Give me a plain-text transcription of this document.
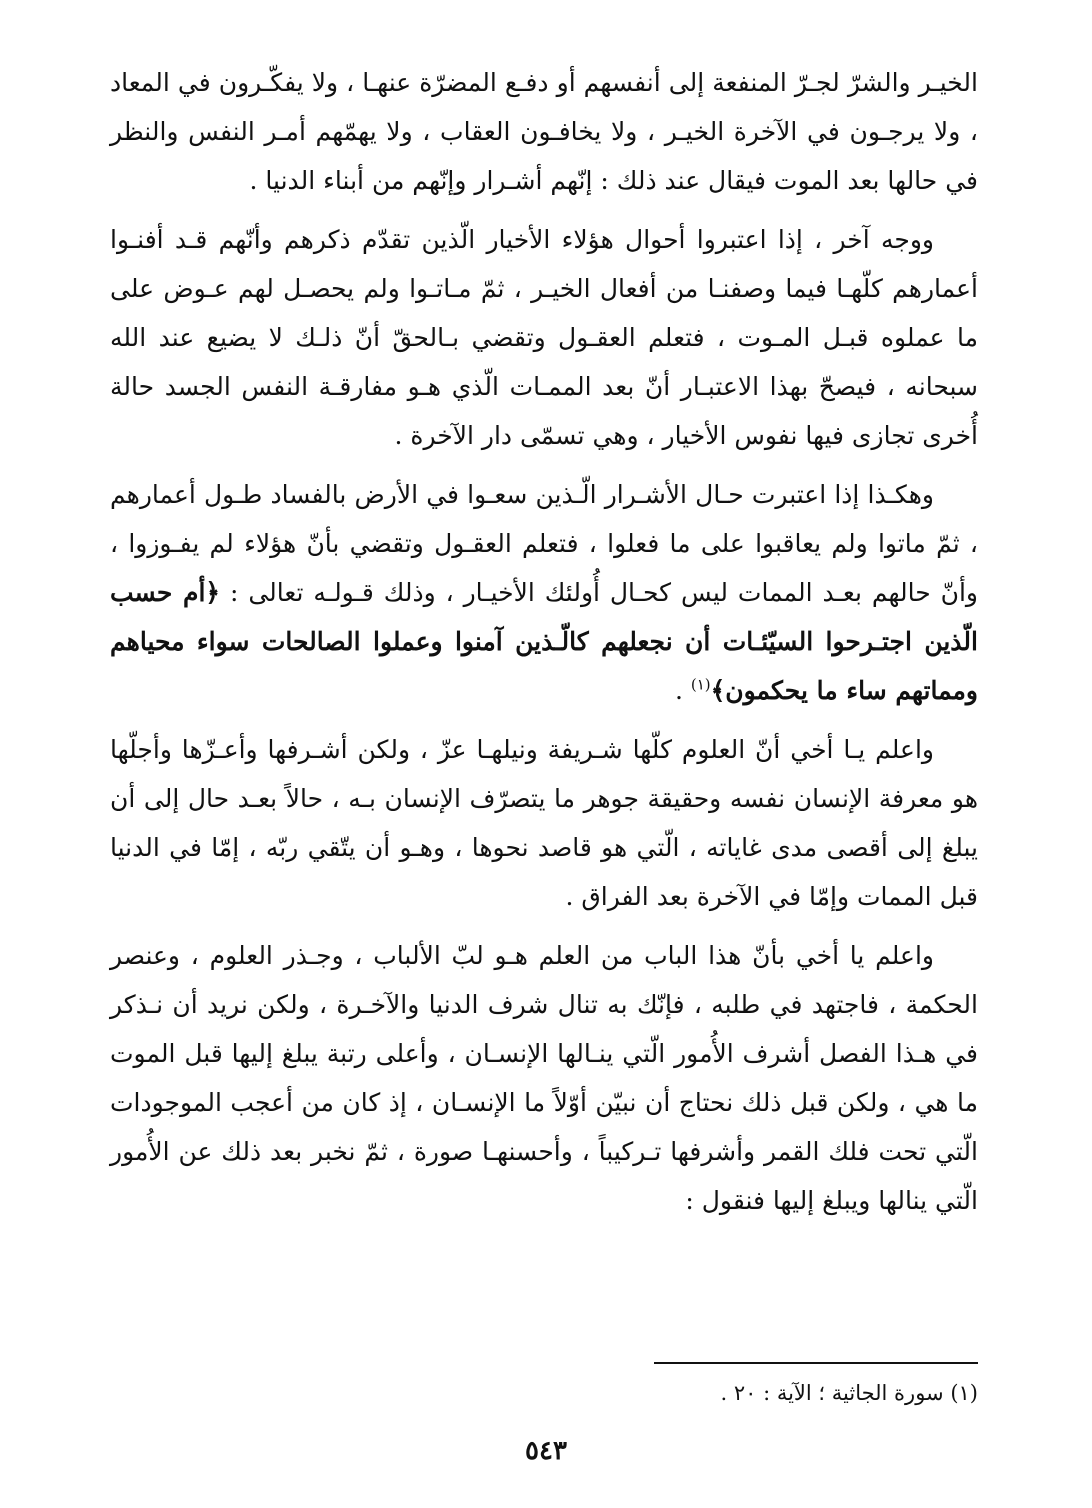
الخيـر والشرّ لجـرّ المنفعة إلى أنفسهم أو دفـع المضرّة عنهـا ، ولا يفكّـرون في المعاد ، ولا يرجـون في الآخرة الخيـر ، ولا يخافـون العقاب ، ولا يهمّهم أمـر النفس والنظر في حالها بعد الموت فيقال عند ذلك : إنّهم أشـرار وإنّهم من أبناء الدنيا .

ووجه آخر ، إذا اعتبروا أحوال هؤلاء الأخيار الّذين تقدّم ذكرهم وأنّهم قـد أفنـوا أعمارهم كلّهـا فيما وصفنـا من أفعال الخيـر ، ثمّ مـاتـوا ولم يحصـل لهم عـوض على ما عملوه قبـل المـوت ، فتعلم العقـول وتقضي بـالحقّ أنّ ذلـك لا يضيع عند الله سبحانه ، فيصحّ بهذا الاعتبـار أنّ بعد الممـات الّذي هـو مفارقـة النفس الجسد حالة أُخرى تجازى فيها نفوس الأخيار ، وهي تسمّى دار الآخرة .

وهكـذا إذا اعتبرت حـال الأشـرار الّـذين سعـوا في الأرض بالفساد طـول أعمارهم ، ثمّ ماتوا ولم يعاقبوا على ما فعلوا ، فتعلم العقـول وتقضي بأنّ هؤلاء لم يفـوزوا ، وأنّ حالهم بعـد الممات ليس كحـال أُولئك الأخيـار ، وذلك قـولـه تعالى : ﴿أم حسب الّذين اجتـرحوا السيّئـات أن نجعلهم كالّـذين آمنوا وعملوا الصالحات سواء محياهم ومماتهم ساء ما يحكمون﴾$^{(١)}$ .

واعلم يـا أخي أنّ العلوم كلّها شـريفة ونيلهـا عزّ ، ولكن أشـرفها وأعـزّها وأجلّها هو معرفة الإنسان نفسه وحقيقة جوهر ما يتصرّف الإنسان بـه ، حالاً بعـد حال إلى أن يبلغ إلى أقصى مدى غاياته ، الّتي هو قاصد نحوها ، وهـو أن يتّقي ربّه ، إمّا في الدنيا قبل الممات وإمّا في الآخرة بعد الفراق .

واعلم يا أخي بأنّ هذا الباب من العلم هـو لبّ الألباب ، وجـذر العلوم ، وعنصر الحكمة ، فاجتهد في طلبه ، فإنّك به تنال شرف الدنيا والآخـرة ، ولكن نريد أن نـذكر في هـذا الفصل أشرف الأُمور الّتي ينـالها الإنسـان ، وأعلى رتبة يبلغ إليها قبل الموت ما هي ، ولكن قبل ذلك نحتاج أن نبيّن أوّلاً ما الإنسـان ، إذ كان من أعجب الموجودات الّتي تحت فلك القمر وأشرفها تـركيباً ، وأحسنهـا صورة ، ثمّ نخبر بعد ذلك عن الأُمور الّتي ينالها ويبلغ إليها فنقول :

(١) سورة الجاثية ؛ الآية : ٢٠ .
٥٤٣
